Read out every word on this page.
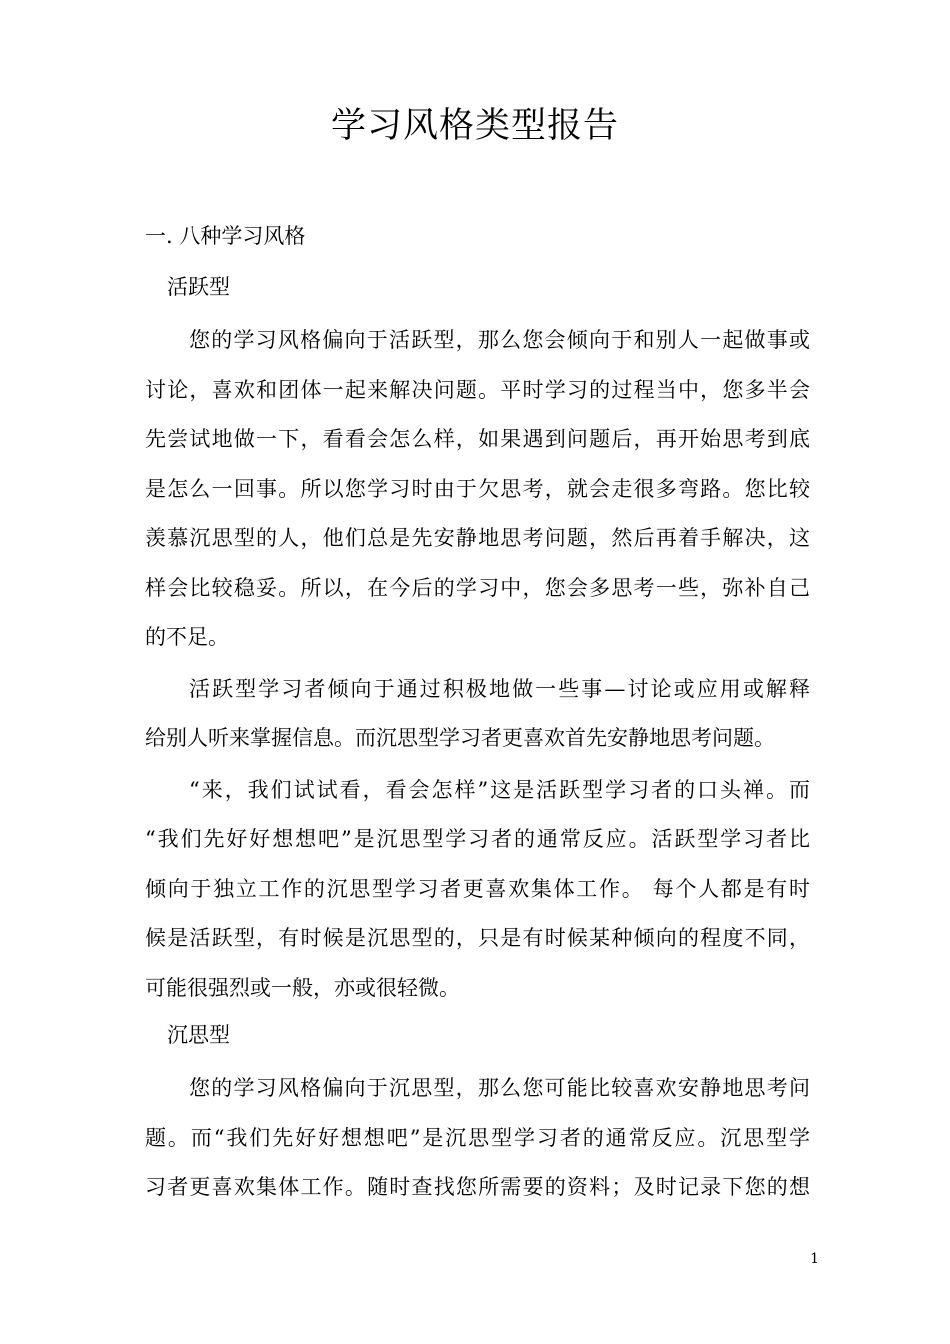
学习风格类型报告
一. 八种学习风格
活跃型
您的学习风格偏向于活跃型，那么您会倾向于和别人一起做事或
讨论，喜欢和团体一起来解决问题。平时学习的过程当中，您多半会
先尝试地做一下，看看会怎么样，如果遇到问题后，再开始思考到底
是怎么一回事。所以您学习时由于欠思考，就会走很多弯路。您比较
羡慕沉思型的人，他们总是先安静地思考问题，然后再着手解决，这
样会比较稳妥。所以，在今后的学习中，您会多思考一些，弥补自己
的不足。
活跃型学习者倾向于通过积极地做一些事—讨论或应用或解释
给别人听来掌握信息。而沉思型学习者更喜欢首先安静地思考问题。
“来，我们试试看，看会怎样”这是活跃型学习者的口头禅。而
“我们先好好想想吧”是沉思型学习者的通常反应。活跃型学习者比
倾向于独立工作的沉思型学习者更喜欢集体工作。 每个人都是有时
候是活跃型，有时候是沉思型的，只是有时候某种倾向的程度不同，
可能很强烈或一般，亦或很轻微。
沉思型
您的学习风格偏向于沉思型，那么您可能比较喜欢安静地思考问
题。而“我们先好好想想吧”是沉思型学习者的通常反应。沉思型学
习者更喜欢集体工作。随时查找您所需要的资料；及时记录下您的想
1
